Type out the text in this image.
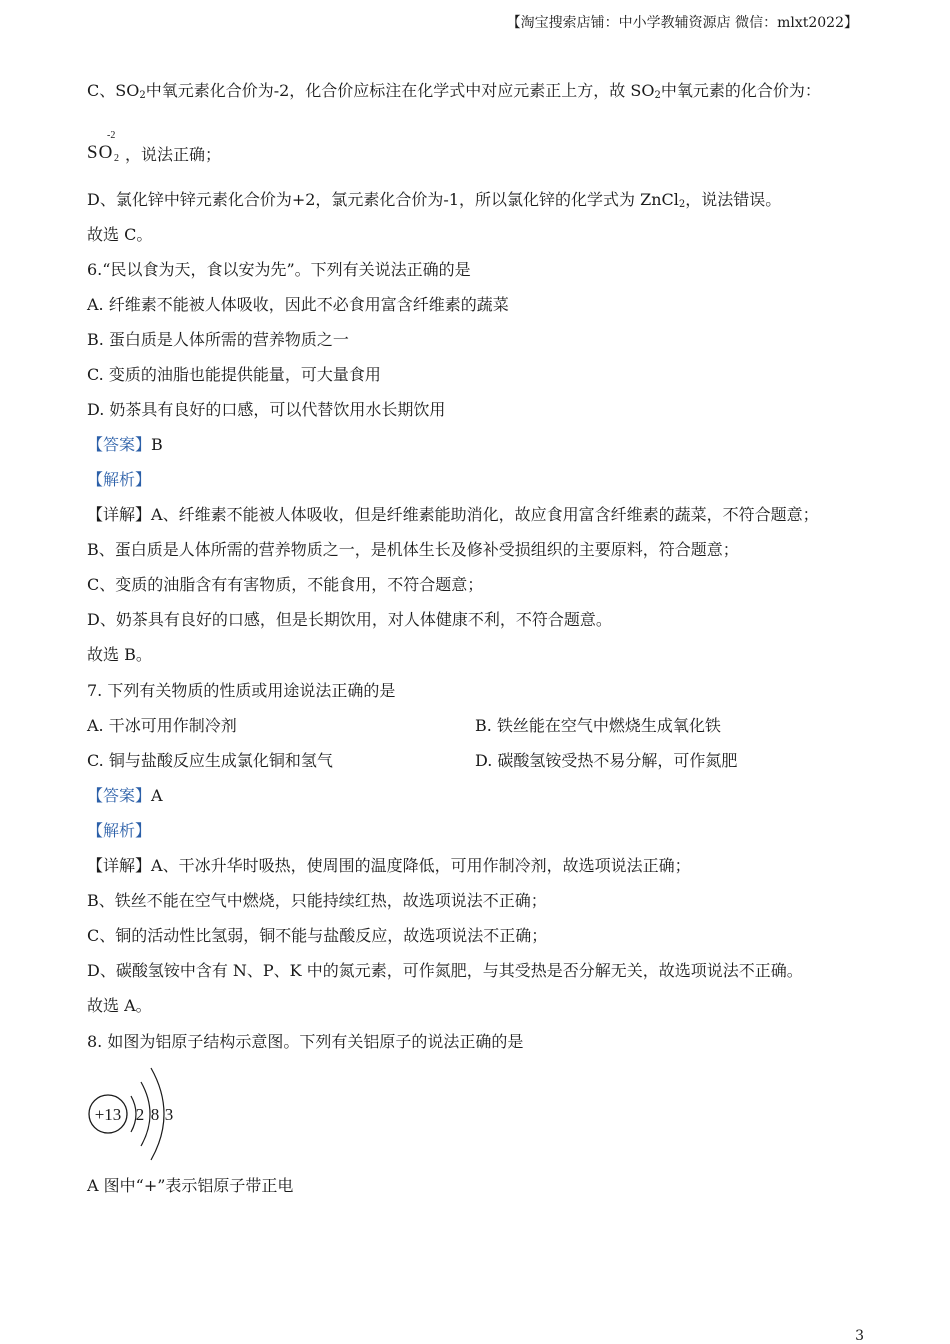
【淘宝搜索店铺：中小学教辅资源店 微信：mlxt2022】
C、$SO_2$中氧元素化合价为-2，化合价应标注在化学式中对应元素正上方，故 $SO_2$中氧元素的化合价为：
-2
SO 2 ，说法正确；
D、氯化锌中锌元素化合价为+2，氯元素化合价为-1，所以氯化锌的化学式为 ZnCl$_2$，说法错误。
故选 C。
6.“民以食为天，食以安为先”。下列有关说法正确的是
A. 纤维素不能被人体吸收，因此不必食用富含纤维素的蔬菜
B. 蛋白质是人体所需的营养物质之一
C. 变质的油脂也能提供能量，可大量食用
D. 奶茶具有良好的口感，可以代替饮用水长期饮用
【答案】B
【解析】
【详解】A、纤维素不能被人体吸收，但是纤维素能助消化，故应食用富含纤维素的蔬菜，不符合题意；
B、蛋白质是人体所需的营养物质之一，是机体生长及修补受损组织的主要原料，符合题意；
C、变质的油脂含有有害物质，不能食用，不符合题意；
D、奶茶具有良好的口感，但是长期饮用，对人体健康不利，不符合题意。
故选 B。
7. 下列有关物质的性质或用途说法正确的是
A. 干冰可用作制冷剂	B. 铁丝能在空气中燃烧生成氧化铁
C. 铜与盐酸反应生成氯化铜和氢气	D. 碳酸氢铵受热不易分解，可作氮肥
【答案】A
【解析】
【详解】A、干冰升华时吸热，使周围的温度降低，可用作制冷剂，故选项说法正确；
B、铁丝不能在空气中燃烧，只能持续红热，故选项说法不正确；
C、铜的活动性比氢弱，铜不能与盐酸反应，故选项说法不正确；
D、碳酸氢铵中含有 N、P、K 中的氮元素，可作氮肥，与其受热是否分解无关，故选项说法不正确。
故选 A。
8. 如图为铝原子结构示意图。下列有关铝原子的说法正确的是
+13 2 8 3
A 图中“+”表示铝原子带正电
3
